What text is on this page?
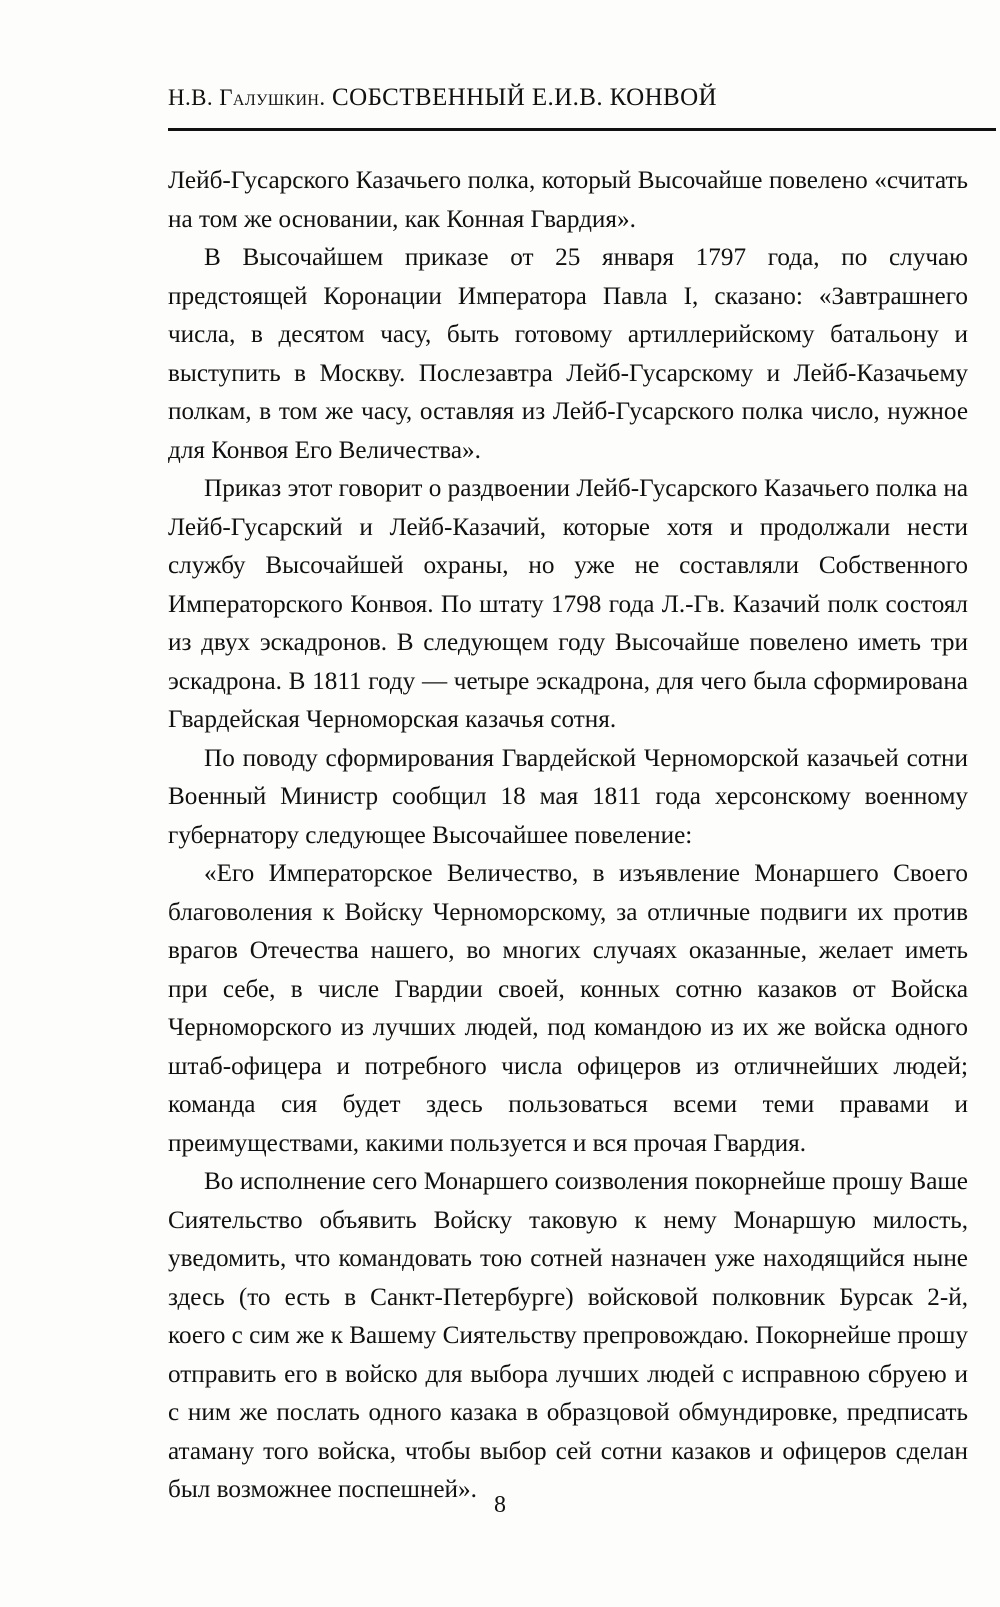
Н.В. Галушкин. СОБСТВЕННЫЙ Е.И.В. КОНВОЙ

Лейб-Гусарского Казачьего полка, который Высочайше повелено «считать на том же основании, как Конная Гвардия».

В Высочайшем приказе от 25 января 1797 года, по случаю предстоящей Коронации Императора Павла I, сказано: «Завтрашнего числа, в десятом часу, быть готовому артиллерийскому батальону и выступить в Москву. Послезавтра Лейб-Гусарскому и Лейб-Казачьему полкам, в том же часу, оставляя из Лейб-Гусарского полка число, нужное для Конвоя Его Величества».

Приказ этот говорит о раздвоении Лейб-Гусарского Казачьего полка на Лейб-Гусарский и Лейб-Казачий, которые хотя и продолжали нести службу Высочайшей охраны, но уже не составляли Собственного Императорского Конвоя. По штату 1798 года Л.-Гв. Казачий полк состоял из двух эскадронов. В следующем году Высочайше повелено иметь три эскадрона. В 1811 году — четыре эскадрона, для чего была сформирована Гвардейская Черноморская казачья сотня.

По поводу сформирования Гвардейской Черноморской казачьей сотни Военный Министр сообщил 18 мая 1811 года херсонскому военному губернатору следующее Высочайшее повеление:

«Его Императорское Величество, в изъявление Монаршего Своего благоволения к Войску Черноморскому, за отличные подвиги их против врагов Отечества нашего, во многих случаях оказанные, желает иметь при себе, в числе Гвардии своей, конных сотню казаков от Войска Черноморского из лучших людей, под командою из их же войска одного штаб-офицера и потребного числа офицеров из отличнейших людей; команда сия будет здесь пользоваться всеми теми правами и преимуществами, какими пользуется и вся прочая Гвардия.

Во исполнение сего Монаршего соизволения покорнейше прошу Ваше Сиятельство объявить Войску таковую к нему Монаршую милость, уведомить, что командовать тою сотней назначен уже находящийся ныне здесь (то есть в Санкт-Петербурге) войсковой полковник Бурсак 2-й, коего с сим же к Вашему Сиятельству препровождаю. Покорнейше прошу отправить его в войско для выбора лучших людей с исправною сбруею и с ним же послать одного казака в образцовой обмундировке, предписать атаману того войска, чтобы выбор сей сотни казаков и офицеров сделан был возможнее поспешней».

8
